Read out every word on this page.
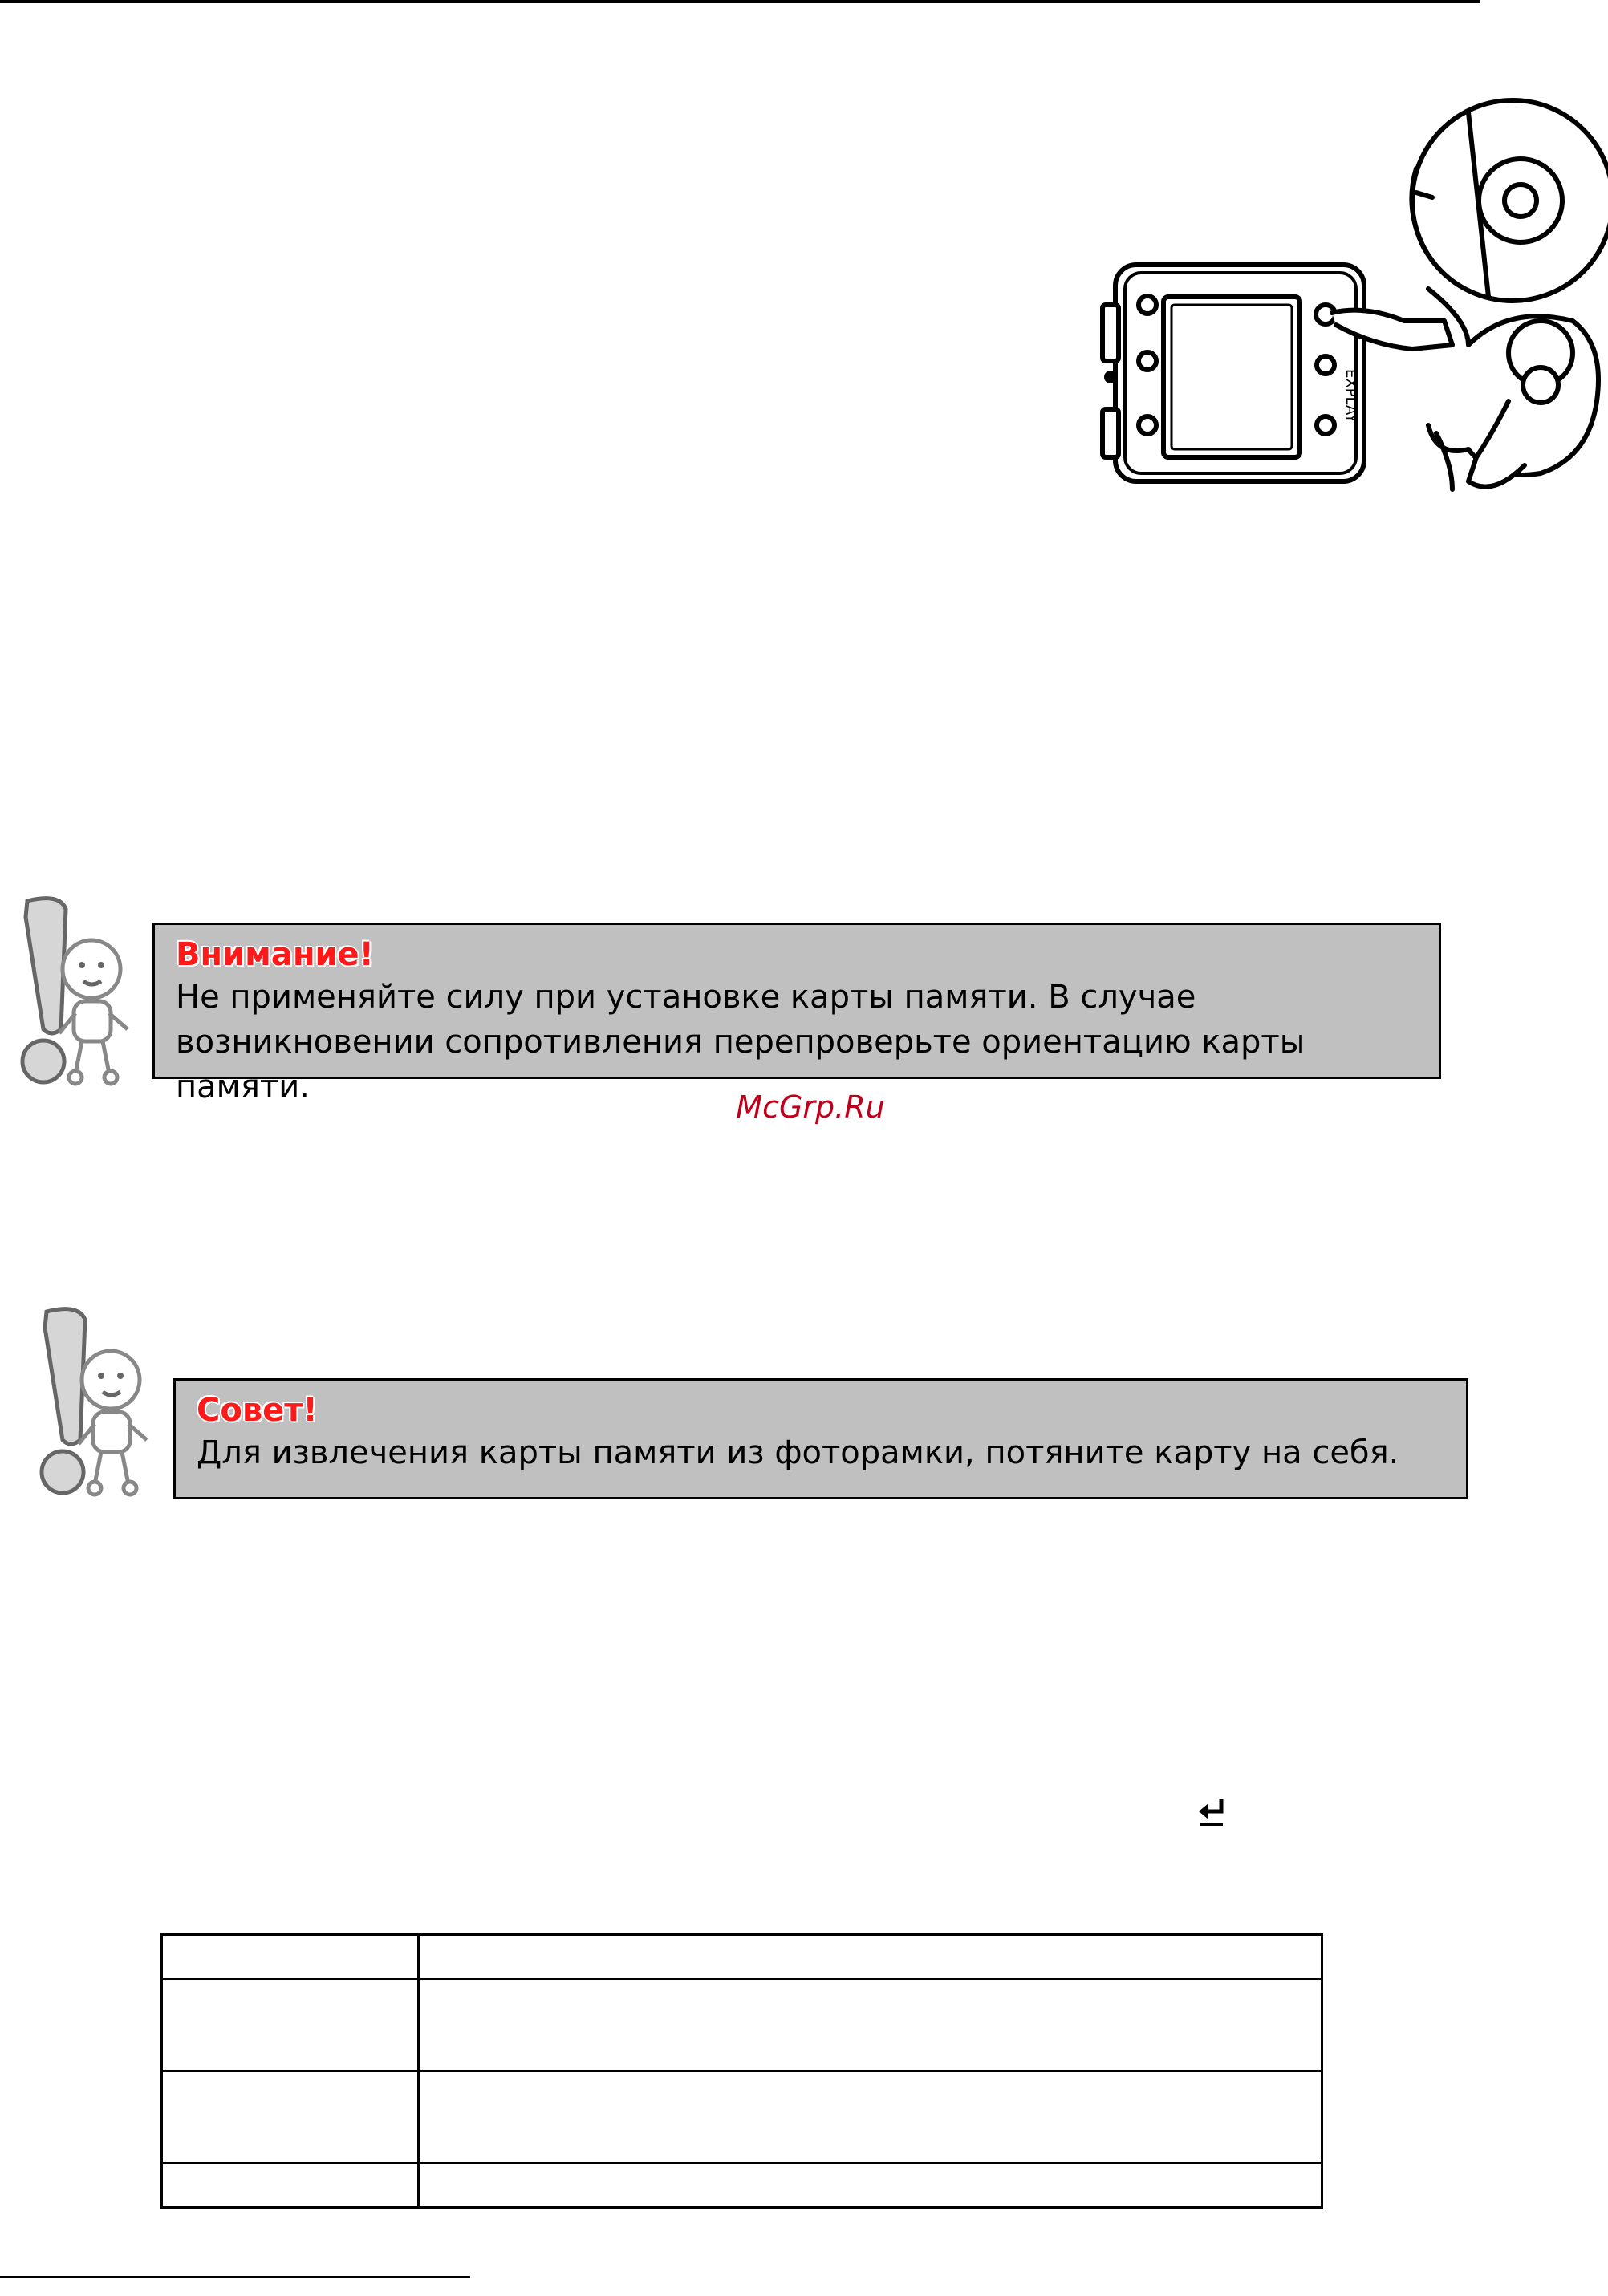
EXPLAY
Внимание!
Не применяйте силу при установке карты памяти. В случае возникновении сопротивления перепроверьте ориентацию карты памяти.
McGrp.Ru
Совет!
Для извлечения карты памяти из фоторамки, потяните карту на себя.
